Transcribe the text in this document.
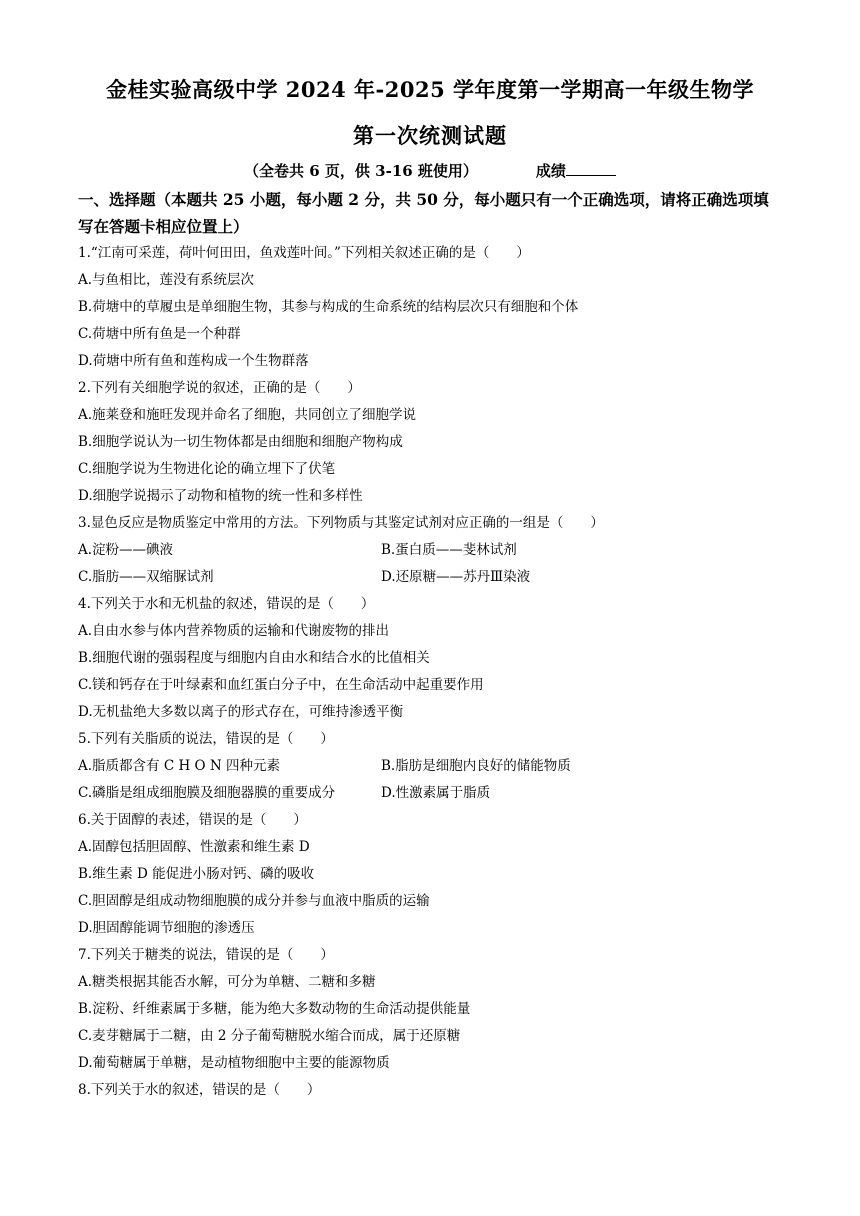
金桂实验高级中学 2024 年-2025 学年度第一学期高一年级生物学
第一次统测试题
（全卷共 6 页，供 3-16 班使用）	成绩
一、选择题（本题共 25 小题，每小题 2 分，共 50 分，每小题只有一个正确选项，请将正确选项填写在答题卡相应位置上）
1.“江南可采莲，荷叶何田田，鱼戏莲叶间。”下列相关叙述正确的是（　　）
A.与鱼相比，莲没有系统层次
B.荷塘中的草履虫是单细胞生物，其参与构成的生命系统的结构层次只有细胞和个体
C.荷塘中所有鱼是一个种群
D.荷塘中所有鱼和莲构成一个生物群落
2.下列有关细胞学说的叙述，正确的是（　　）
A.施莱登和施旺发现并命名了细胞，共同创立了细胞学说
B.细胞学说认为一切生物体都是由细胞和细胞产物构成
C.细胞学说为生物进化论的确立埋下了伏笔
D.细胞学说揭示了动物和植物的统一性和多样性
3.显色反应是物质鉴定中常用的方法。下列物质与其鉴定试剂对应正确的一组是（　　）
A.淀粉——碘液	B.蛋白质——斐林试剂
C.脂肪——双缩脲试剂	D.还原糖——苏丹Ⅲ染液
4.下列关于水和无机盐的叙述，错误的是（　　）
A.自由水参与体内营养物质的运输和代谢废物的排出
B.细胞代谢的强弱程度与细胞内自由水和结合水的比值相关
C.镁和钙存在于叶绿素和血红蛋白分子中，在生命活动中起重要作用
D.无机盐绝大多数以离子的形式存在，可维持渗透平衡
5.下列有关脂质的说法，错误的是（　　）
A.脂质都含有 C H O N 四种元素	B.脂肪是细胞内良好的储能物质
C.磷脂是组成细胞膜及细胞器膜的重要成分	D.性激素属于脂质
6.关于固醇的表述，错误的是（　　）
A.固醇包括胆固醇、性激素和维生素 D
B.维生素 D 能促进小肠对钙、磷的吸收
C.胆固醇是组成动物细胞膜的成分并参与血液中脂质的运输
D.胆固醇能调节细胞的渗透压
7.下列关于糖类的说法，错误的是（　　）
A.糖类根据其能否水解，可分为单糖、二糖和多糖
B.淀粉、纤维素属于多糖，能为绝大多数动物的生命活动提供能量
C.麦芽糖属于二糖，由 2 分子葡萄糖脱水缩合而成，属于还原糖
D.葡萄糖属于单糖，是动植物细胞中主要的能源物质
8.下列关于水的叙述，错误的是（　　）
